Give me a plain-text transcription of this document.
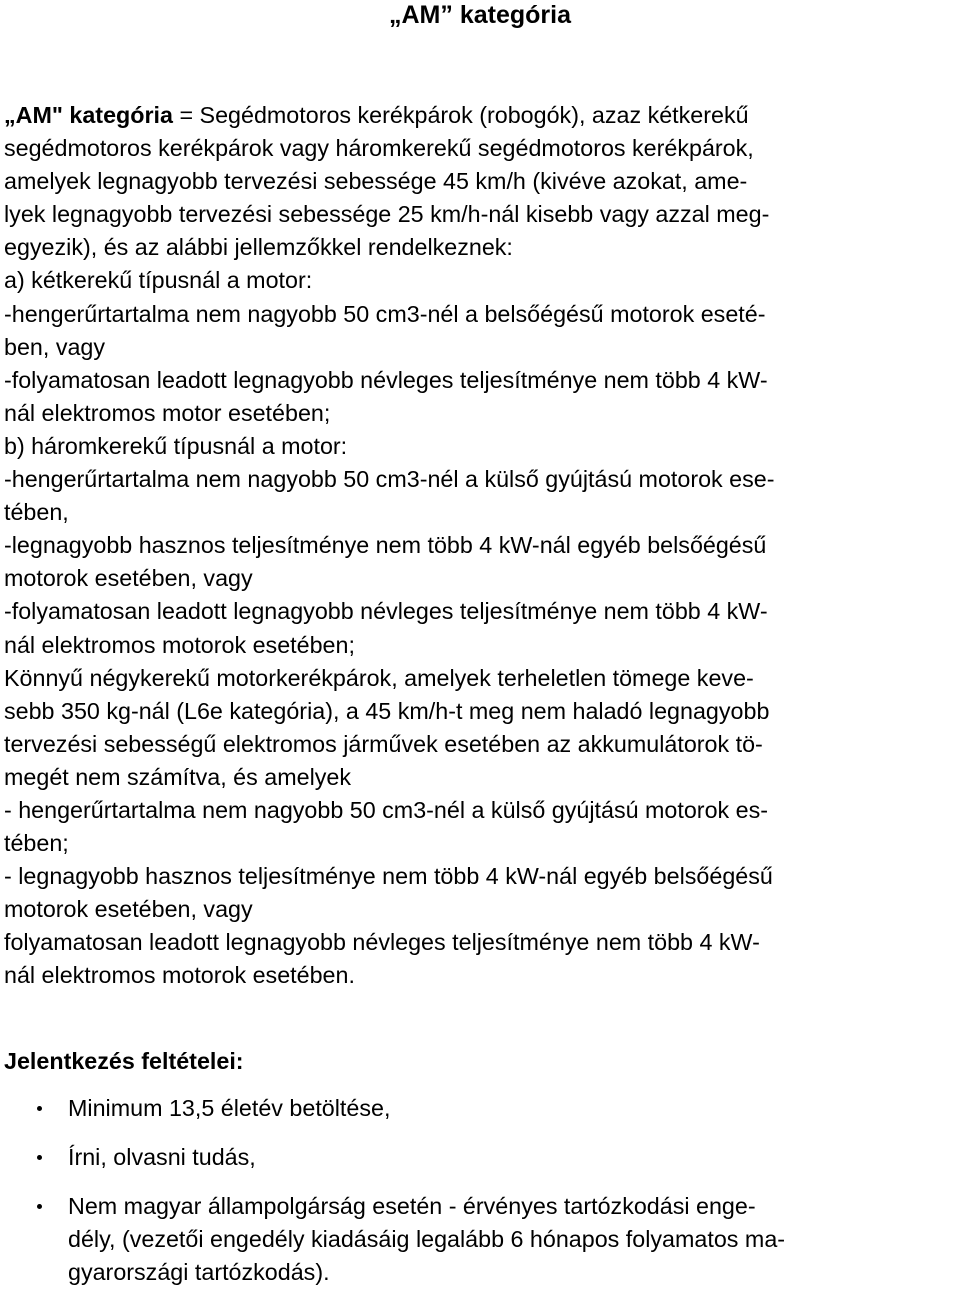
„AM” kategória
„AM" kategória = Segédmotoros kerékpárok (robogók), azaz kétkerekű
segédmotoros kerékpárok vagy háromkerekű segédmotoros kerékpárok,
amelyek legnagyobb tervezési sebessége 45 km/h (kivéve azokat, ame-
lyek legnagyobb tervezési sebessége 25 km/h-nál kisebb vagy azzal meg-
egyezik), és az alábbi jellemzőkkel rendelkeznek:
a) kétkerekű típusnál a motor:
-hengerűrtartalma nem nagyobb 50 cm3-nél a belsőégésű motorok eseté-
ben, vagy
-folyamatosan leadott legnagyobb névleges teljesítménye nem több 4 kW-
nál elektromos motor esetében;
b) háromkerekű típusnál a motor:
-hengerűrtartalma nem nagyobb 50 cm3-nél a külső gyújtású motorok ese-
tében,
-legnagyobb hasznos teljesítménye nem több 4 kW-nál egyéb belsőégésű
motorok esetében, vagy
-folyamatosan leadott legnagyobb névleges teljesítménye nem több 4 kW-
nál elektromos motorok esetében;
Könnyű négykerekű motorkerékpárok, amelyek terheletlen tömege keve-
sebb 350 kg-nál (L6e kategória), a 45 km/h-t meg nem haladó legnagyobb
tervezési sebességű elektromos járművek esetében az akkumulátorok tö-
megét nem számítva, és amelyek
- hengerűrtartalma nem nagyobb 50 cm3-nél a külső gyújtású motorok es-
tében;
- legnagyobb hasznos teljesítménye nem több 4 kW-nál egyéb belsőégésű
motorok esetében, vagy
folyamatosan leadott legnagyobb névleges teljesítménye nem több 4 kW-
nál elektromos motorok esetében.
Jelentkezés feltételei:
Minimum 13,5 életév betöltése,
Írni, olvasni tudás,
Nem magyar állampolgárság esetén - érvényes tartózkodási enge-
dély, (vezetői engedély kiadásáig legalább 6 hónapos folyamatos ma-
gyarországi tartózkodás).
